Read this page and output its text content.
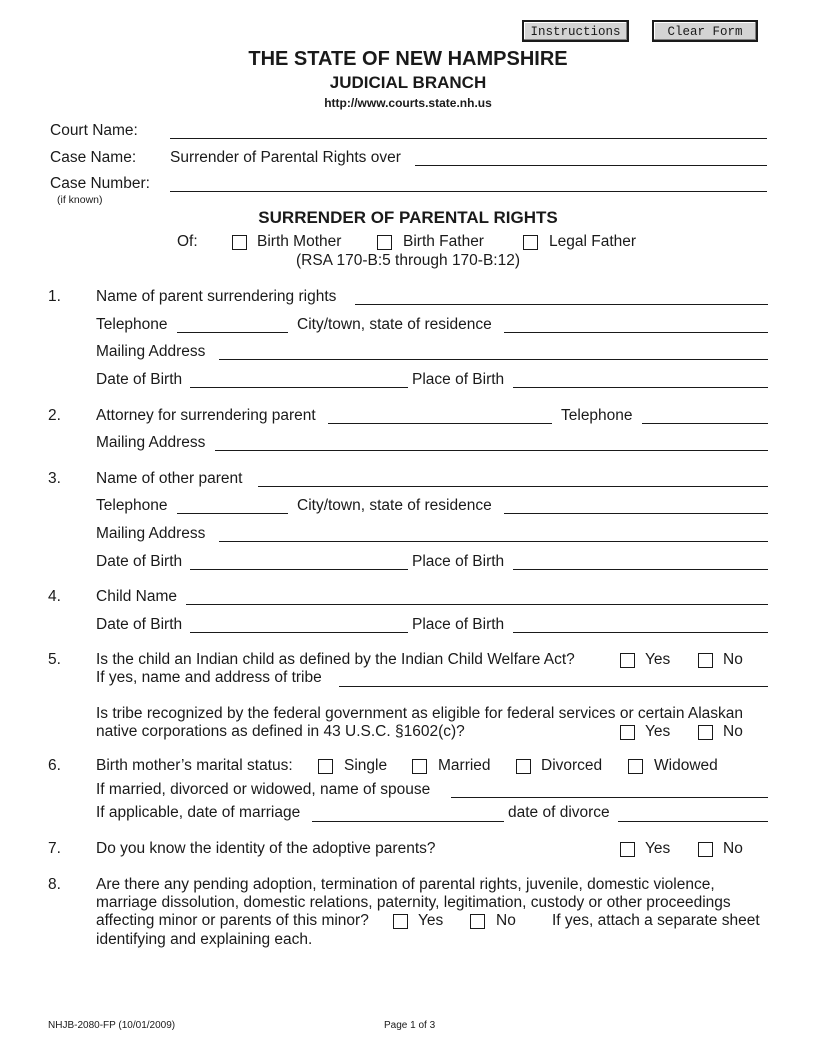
Instructions	Clear Form
THE STATE OF NEW HAMPSHIRE
JUDICIAL BRANCH
http://www.courts.state.nh.us
Court Name:
Case Name: Surrender of Parental Rights over
Case Number:
(if known)
SURRENDER OF PARENTAL RIGHTS
Of:	Birth Mother	Birth Father	Legal Father
(RSA 170-B:5 through 170-B:12)
1. Name of parent surrendering rights
Telephone	City/town, state of residence
Mailing Address
Date of Birth	Place of Birth
2. Attorney for surrendering parent	Telephone
Mailing Address
3. Name of other parent
Telephone	City/town, state of residence
Mailing Address
Date of Birth	Place of Birth
4. Child Name
Date of Birth	Place of Birth
5. Is the child an Indian child as defined by the Indian Child Welfare Act?	Yes	No
If yes, name and address of tribe
Is tribe recognized by the federal government as eligible for federal services or certain Alaskan
native corporations as defined in 43 U.S.C. §1602(c)?	Yes	No
6. Birth mother’s marital status:	Single	Married	Divorced	Widowed
If married, divorced or widowed, name of spouse
If applicable, date of marriage	date of divorce
7. Do you know the identity of the adoptive parents?	Yes	No
8. Are there any pending adoption, termination of parental rights, juvenile, domestic violence,
marriage dissolution, domestic relations, paternity, legitimation, custody or other proceedings
affecting minor or parents of this minor?	Yes	No If yes, attach a separate sheet
identifying and explaining each.
NHJB-2080-FP (10/01/2009)	Page 1 of 3
